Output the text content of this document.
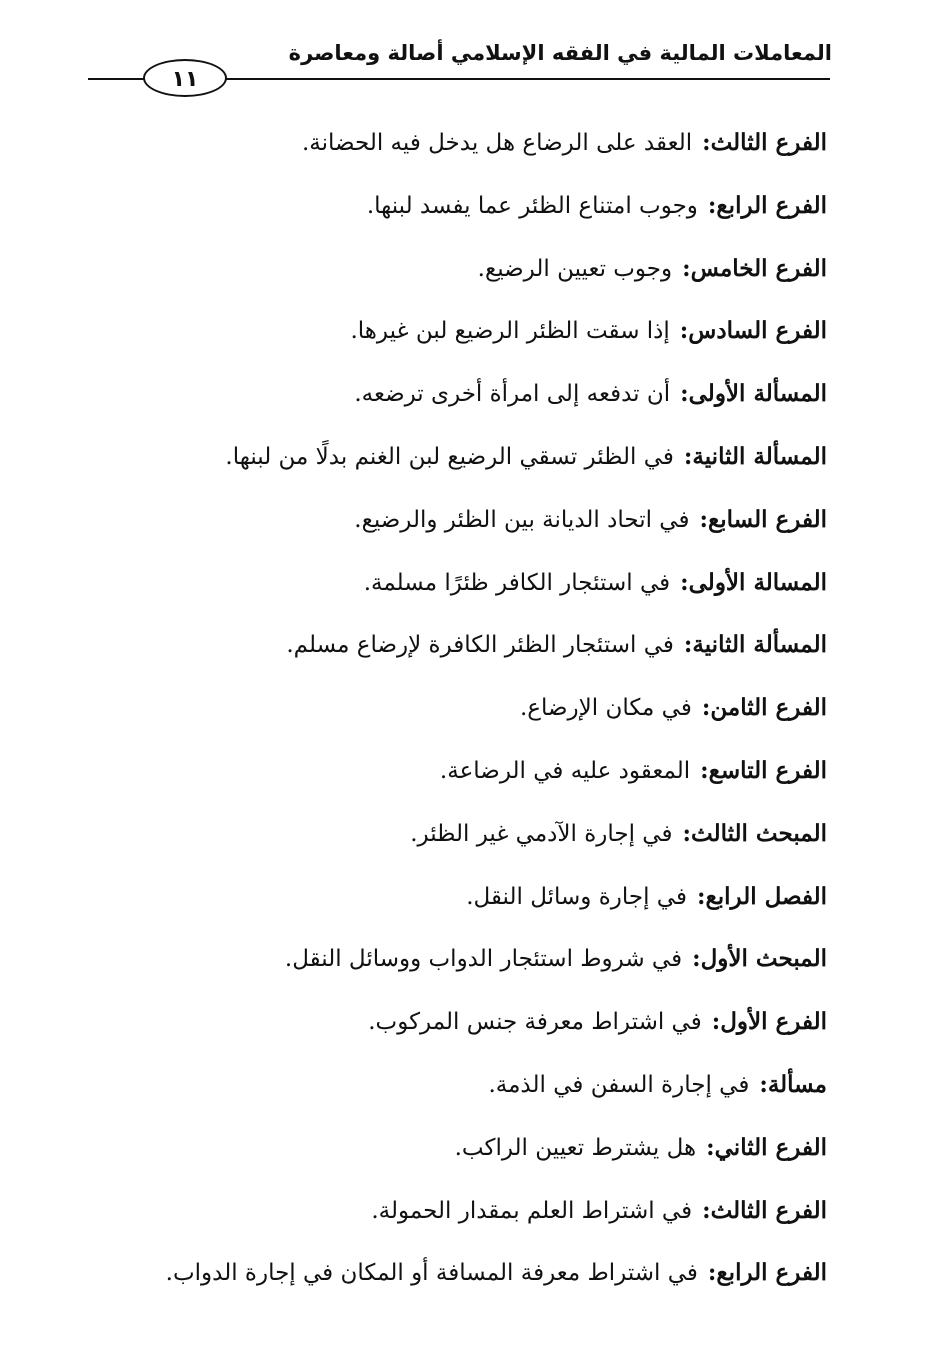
المعاملات المالية في الفقه الإسلامي أصالة ومعاصرة
١١
الفرع الثالث:العقد على الرضاع هل يدخل فيه الحضانة.
الفرع الرابع:وجوب امتناع الظئر عما يفسد لبنها.
الفرع الخامس:وجوب تعيين الرضيع.
الفرع السادس:إذا سقت الظئر الرضيع لبن غيرها.
المسألة الأولى:أن تدفعه إلى امرأة أخرى ترضعه.
المسألة الثانية:في الظئر تسقي الرضيع لبن الغنم بدلًا من لبنها.
الفرع السابع:في اتحاد الديانة بين الظئر والرضيع.
المسالة الأولى:في استئجار الكافر ظئرًا مسلمة.
المسألة الثانية:في استئجار الظئر الكافرة لإرضاع مسلم.
الفرع الثامن:في مكان الإرضاع.
الفرع التاسع:المعقود عليه في الرضاعة.
المبحث الثالث:في إجارة الآدمي غير الظئر.
الفصل الرابع:في إجارة وسائل النقل.
المبحث الأول:في شروط استئجار الدواب ووسائل النقل.
الفرع الأول:في اشتراط معرفة جنس المركوب.
مسألة:في إجارة السفن في الذمة.
الفرع الثاني:هل يشترط تعيين الراكب.
الفرع الثالث:في اشتراط العلم بمقدار الحمولة.
الفرع الرابع:في اشتراط معرفة المسافة أو المكان في إجارة الدواب.
